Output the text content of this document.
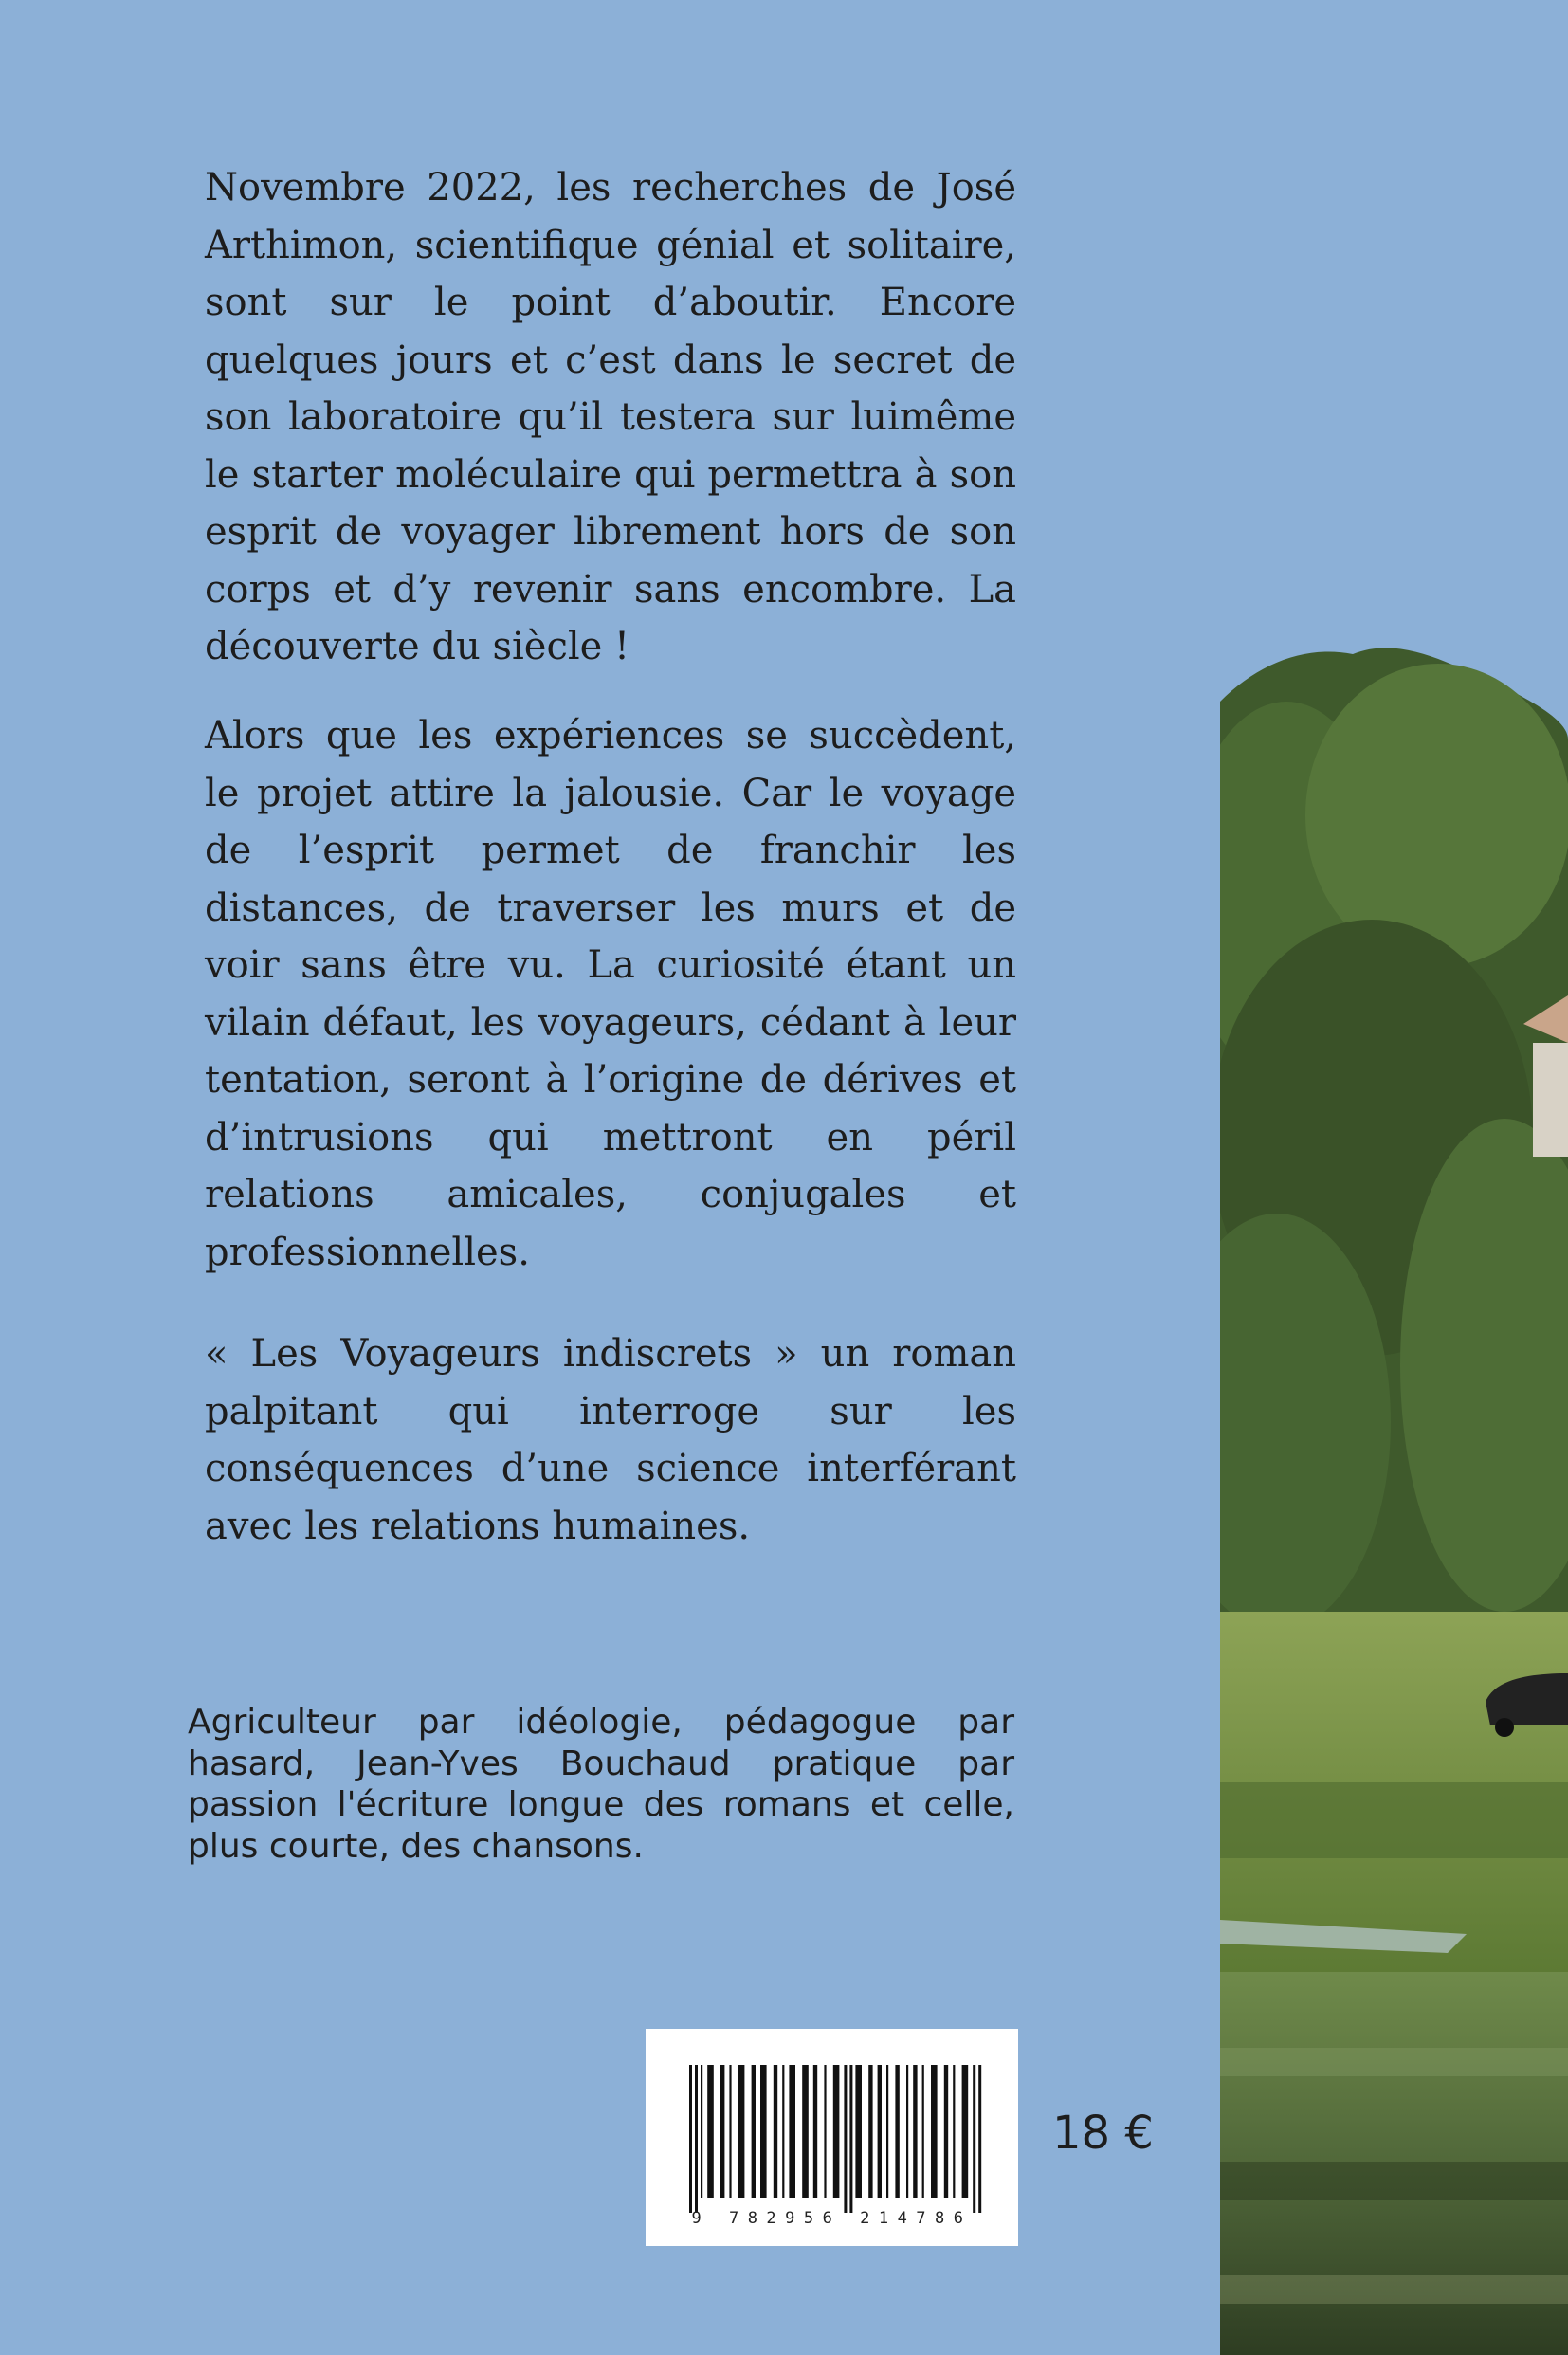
Novembre 2022, les recherches de José Arthimon, scientifique génial et solitaire, sont sur le point d’aboutir. Encore quelques jours et c’est dans le secret de son laboratoire qu’il testera sur luimême le starter moléculaire qui permettra à son esprit de voyager librement hors de son corps et d’y revenir sans encombre. La découverte du siècle !

Alors que les expériences se succèdent, le projet attire la jalousie. Car le voyage de l’esprit permet de franchir les distances, de traverser les murs et de voir sans être vu. La curiosité étant un vilain défaut, les voyageurs, cédant à leur tentation, seront à l’origine de dérives et d’intrusions qui mettront en péril relations amicales, conjugales et professionnelles.

« Les Voyageurs indiscrets » un roman palpitant qui interroge sur les conséquences d’une science interférant avec les relations humaines.

Agriculteur par idéologie, pédagogue par hasard, Jean-Yves Bouchaud pratique par passion l'écriture longue des romans et celle, plus courte, des chansons.

9 782956 214786
18 €
